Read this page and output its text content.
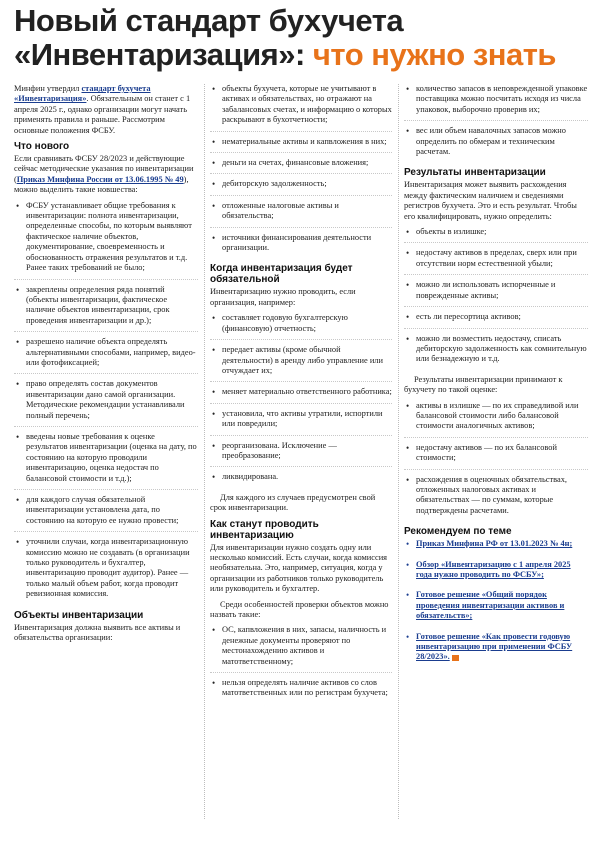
Новый стандарт бухучета «Инвентаризация»: что нужно знать

Минфин утвердил стандарт бухучета «Инвентаризация». Обязательным он станет с 1 апреля 2025 г., однако организации могут начать применять правила и раньше. Рассмотрим основные положения ФСБУ.

Что нового

Если сравнивать ФСБУ 28/2023 и действующие сейчас методические указания по инвентаризации (Приказ Минфина России от 13.06.1995 № 49), можно выделить такие новшества:

• ФСБУ устанавливает общие требования к инвентаризации: полнота инвентаризации, определенные способы, по которым выявляют фактическое наличие объектов, документирование, своевременность и обоснованность отражения результатов и т.д. Ранее таких требований не было;
• закреплены определения ряда понятий (объекты инвентаризации, фактическое наличие объектов инвентаризации, срок проведения инвентаризации и др.);
• разрешено наличие объекта определять альтернативными способами, например, видео- или фотофиксацией;
• право определять состав документов инвентаризации дано самой организации. Методические рекомендации устанавливали полный перечень;
• введены новые требования к оценке результатов инвентаризации (оценка на дату, по состоянию на которую проводили инвентаризацию, оценка недостач по балансовой стоимости и т.д.);
• для каждого случая обязательной инвентаризации установлена дата, по состоянию на которую ее нужно провести;
• уточнили случаи, когда инвентаризационную комиссию можно не создавать (в организации только руководитель и бухгалтер, инвентаризацию проводит аудитор). Ранее — только малый объем работ, когда проводит ревизионная комиссия.
Объекты инвентаризации

Инвентаризация должна выявить все активы и обязательства организации:

• объекты бухучета, которые не учитывают в активах и обязательствах, но отражают на забалансовых счетах, и информацию о которых раскрывают в бухотчетности;
• нематериальные активы и капвложения в них;
• деньги на счетах, финансовые вложения;
• дебиторскую задолженность;
• отложенные налоговые активы и обязательства;
• источники финансирования деятельности организации.
Когда инвентаризация будет обязательной

Инвентаризацию нужно проводить, если организация, например:

• составляет годовую бухгалтерскую (финансовую) отчетность;
• передает активы (кроме обычной деятельности) в аренду либо управление или отчуждает их;
• меняет материально ответственного работника;
• установила, что активы утратили, испортили или повредили;
• реорганизована. Исключение — преобразование;
• ликвидирована.

Для каждого из случаев предусмотрен свой срок инвентаризации.

Как станут проводить инвентаризацию

Для инвентаризации нужно создать одну или несколько комиссий. Есть случаи, когда комиссия необязательна. Это, например, ситуация, когда у организации из работников только руководитель или руководитель и бухгалтер.

Среди особенностей проверки объектов можно назвать такие:

• ОС, капвложения в них, запасы, наличность и денежные документы проверяют по местонахождению активов и матответственному;
• нельзя определять наличие активов со слов матответственных или по регистрам бухучета;
• количество запасов в неповрежденной упаковке поставщика можно посчитать исходя из числа упаковок, выборочно проверив их;
• вес или объем навалочных запасов можно определить по обмерам и техническим расчетам.
Результаты инвентаризации

Инвентаризация может выявить расхождения между фактическим наличием и сведениями регистров бухучета. Это и есть результат. Чтобы его квалифицировать, нужно определить:

• объекты в излишке;
• недостачу активов в пределах, сверх или при отсутствии норм естественной убыли;
• можно ли использовать испорченные и поврежденные активы;
• есть ли пересортица активов;
• можно ли возместить недостачу, списать дебиторскую задолженность как сомнительную или безнадежную и т.д.

Результаты инвентаризации принимают к бухучету по такой оценке:

• активы в излишке — по их справедливой или балансовой стоимости либо балансовой стоимости аналогичных активов;
• недостачу активов — по их балансовой стоимости;
• расхождения в оценочных обязательствах, отложенных налоговых активах и обязательствах — по суммам, которые подтверждены расчетами.
Рекомендуем по теме
• Приказ Минфина РФ от 13.01.2023 № 4н;
• Обзор «Инвентаризацию с 1 апреля 2025 года нужно проводить по ФСБУ»;
• Готовое решение «Общий порядок проведения инвентаризации активов и обязательств»;
• Готовое решение «Как провести годовую инвентаризацию при применении ФСБУ 28/2023».
